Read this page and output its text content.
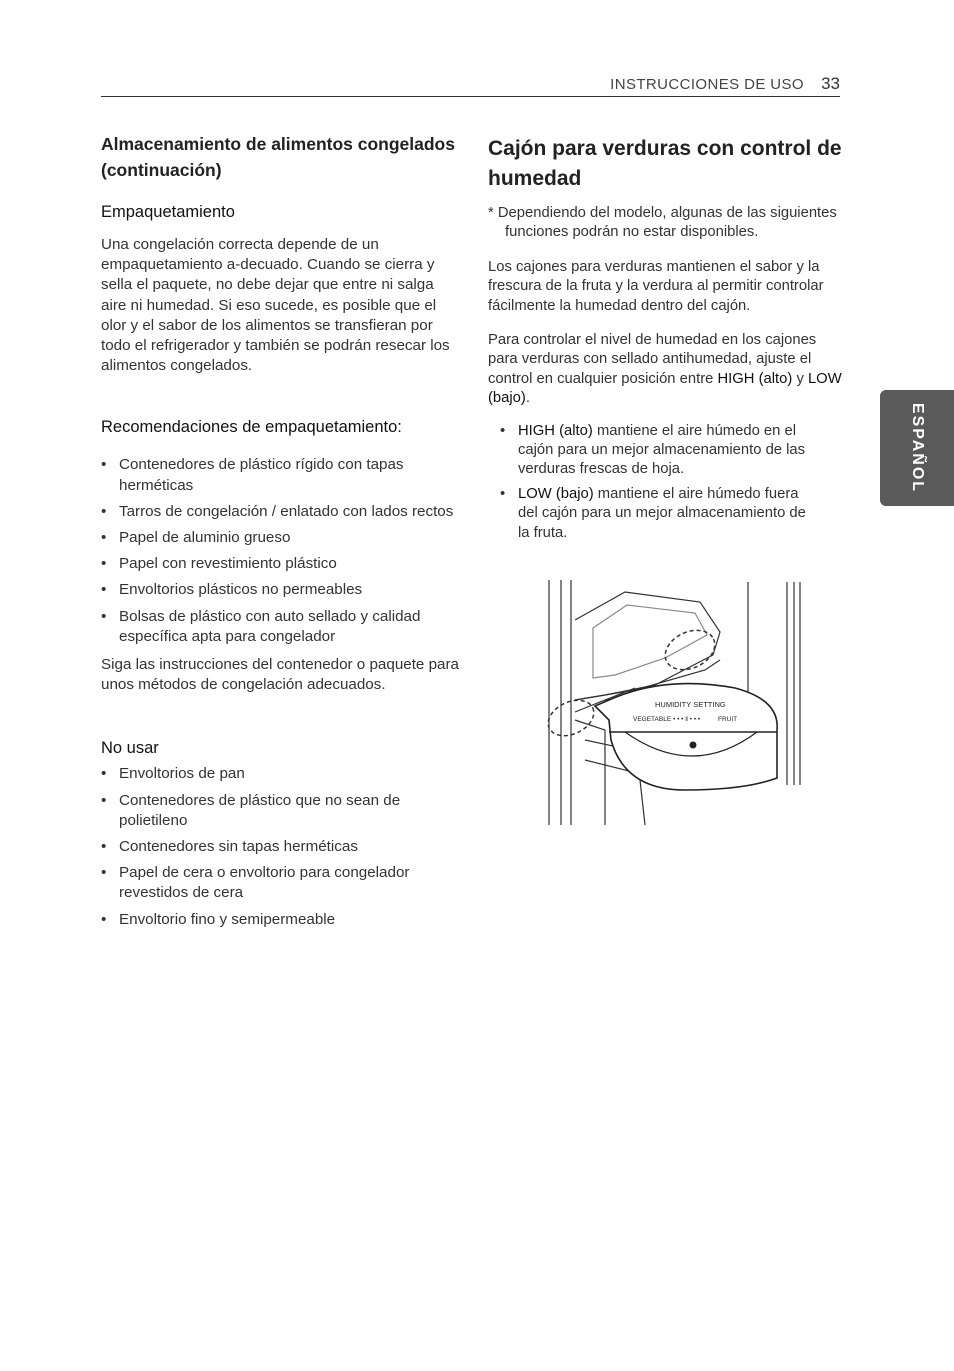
INSTRUCCIONES DE USO 33
ESPAÑOL
Almacenamiento de alimentos congelados (continuación)
Empaquetamiento

Una congelación correcta depende de un empaquetamiento a-decuado. Cuando se cierra y sella el paquete, no debe dejar que entre ni salga aire ni humedad. Si eso sucede, es posible que el olor y el sabor de los alimentos se transfieran por todo el refrigerador y también se podrán resecar los alimentos congelados.

Recomendaciones de empaquetamiento:
• Contenedores de plástico rígido con tapas herméticas
• Tarros de congelación / enlatado con lados rectos
• Papel de aluminio grueso
• Papel con revestimiento plástico
• Envoltorios plásticos no permeables
• Bolsas de plástico con auto sellado y calidad específica apta para congelador

Siga las instrucciones del contenedor o paquete para unos métodos de congelación adecuados.

No usar
• Envoltorios de pan
• Contenedores de plástico que no sean de polietileno
• Contenedores sin tapas herméticas
• Papel de cera o envoltorio para congelador revestidos de cera
• Envoltorio fino y semipermeable
Cajón para verduras con control de humedad

* Dependiendo del modelo, algunas de las siguientes funciones podrán no estar disponibles.

Los cajones para verduras mantienen el sabor y la frescura de la fruta y la verdura al permitir controlar fácilmente la humedad dentro del cajón.

Para controlar el nivel de humedad en los cajones para verduras con sellado antihumedad, ajuste el control en cualquier posición entre HIGH (alto) y LOW (bajo).

• HIGH (alto) mantiene el aire húmedo en el cajón para un mejor almacenamiento de las verduras frescas de hoja.
• LOW (bajo) mantiene el aire húmedo fuera del cajón para un mejor almacenamiento de la fruta.
HUMIDITY SETTING
VEGETABLE • • • ‖ • • •	FRUIT
